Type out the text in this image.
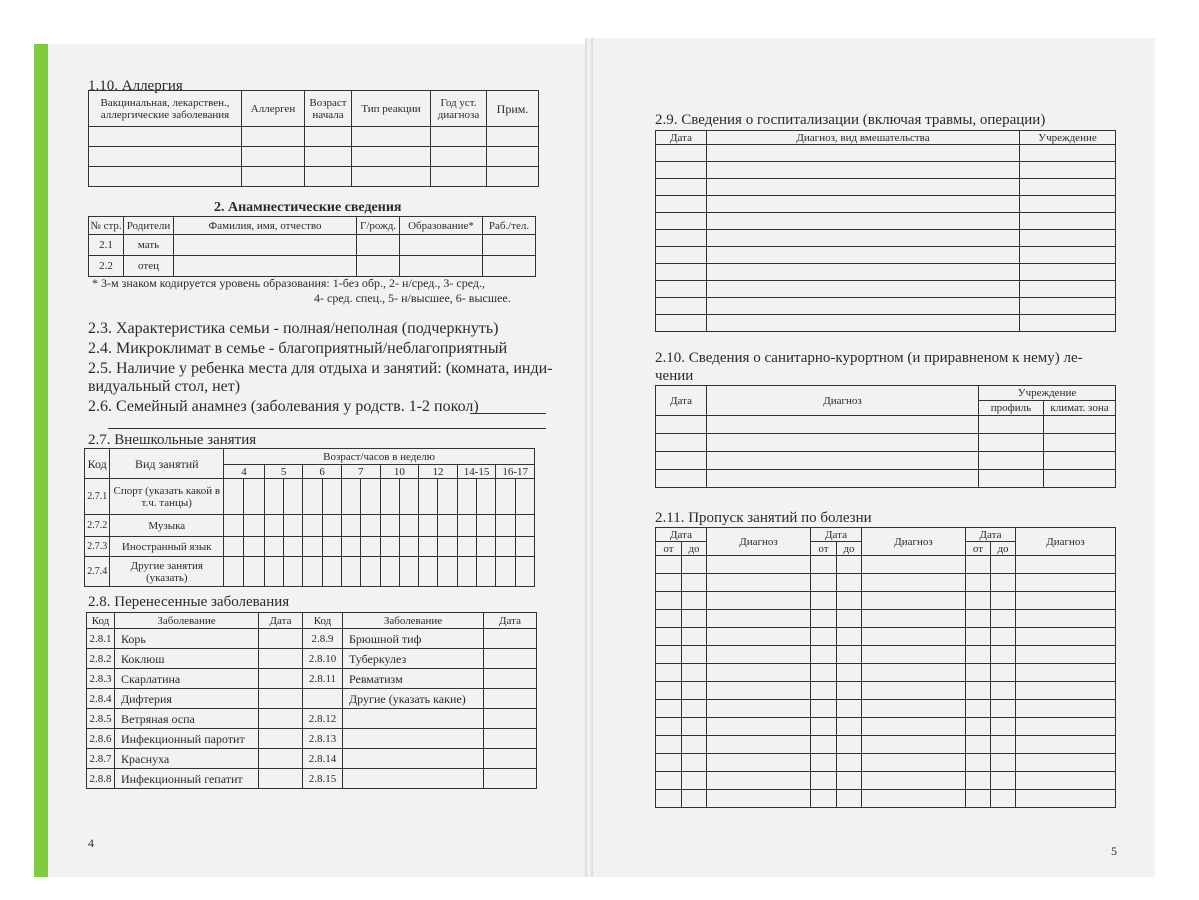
1.10. Аллергия
Вакцинальная, лекарствен., аллергические заболевания	Аллерген	Возраст начала	Тип реакции	Год уст. диагноза	Прим.

2. Анамнестические сведения
№ стр.	Родители	Фамилия, имя, отчество	Г/рожд.	Образование*	Раб./тел.
2.1	мать				
2.2	отец				
* 3-м знаком кодируется уровень образования: 1-без обр., 2- н/сред., 3- сред.,
4- сред. спец., 5- н/высшее, 6- высшее.
2.3. Характеристика семьи - полная/неполная (подчеркнуть)
2.4. Микроклимат в семье - благоприятный/неблагоприятный
2.5. Наличие у ребенка места для отдыха и занятий: (комната, инди-
видуальный стол, нет)
2.6. Семейный анамнез (заболевания у родств. 1-2 покол)
2.7. Внешкольные занятия
Код	Вид занятий	Возраст/часов в неделю															
		4		5		6		7		10		12		14-15		16-17	
2.7.1	Спорт (указать какой в т.ч. танцы)																
2.7.2	Музыка																
2.7.3	Иностранный язык																
2.7.4	Другие занятия (указать)																
2.8. Перенесенные заболевания
Код	Заболевание	Дата	Код	Заболевание	Дата
2.8.1	Корь		2.8.9	Брюшной тиф	
2.8.2	Коклюш		2.8.10	Туберкулез	
2.8.3	Скарлатина		2.8.11	Ревматизм	
2.8.4	Дифтерия			Другие (указать какие)	
2.8.5	Ветряная оспа		2.8.12		
2.8.6	Инфекционный паротит		2.8.13		
2.8.7	Краснуха		2.8.14		
2.8.8	Инфекционный гепатит		2.8.15		
4
2.9. Сведения о госпитализации (включая травмы, операции)
Дата	Диагноз, вид вмешательства	Учреждение

2.10. Сведения о санитарно-курортном (и приравненом к нему) ле-
чении
Дата	Диагноз	Учреждение	
		профиль	климат. зона

2.11. Пропуск занятий по болезни
Дата		Диагноз	Дата		Диагноз	Дата		Диагноз
от	до		от	до		от	до	

5
